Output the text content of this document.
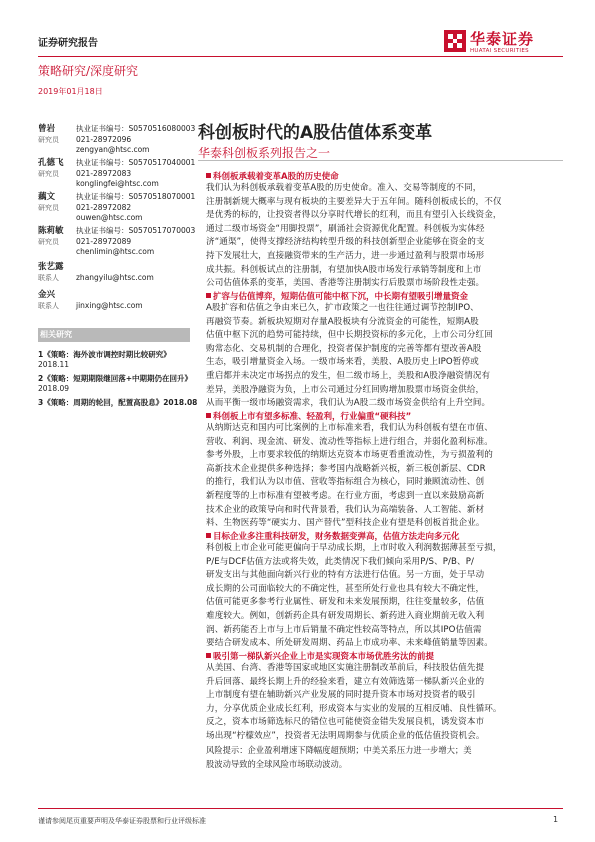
证券研究报告	华泰证券
HUATAI SECURITIES
策略研究/深度研究
2019年01月18日
科创板时代的A股估值体系变革
华泰科创板系列报告之一
曾岩
研究员
执业证书编号：S0570516080003
021-28972096
zengyan@htsc.com
孔德飞
研究员
执业证书编号：S0570517040001
021-28972083
konglingfei@htsc.com
藕文
研究员
执业证书编号：S0570518070001
021-28972082
ouwen@htsc.com
陈莉敏
研究员
执业证书编号：S0570517070003
021-28972089
chenlimin@htsc.com
张艺露
联系人	zhangyilu@htsc.com
金兴
联系人 jinxing@htsc.com
相关研究
1《策略：海外波市调控时期比较研究》
2018.11
2《策略：短期期限继回落+中期期仍在回升》
2018.09
3《策略：周期的轮回，配置高股息》2018.08
科创板承载着变革A股的历史使命
我们认为科创板承载着变革A股的历史使命。准入、交易等制度的不同，
注册制新规大概率与现有板块的主要差异大于五年间。随科创板成长的，不仅
是优秀的标的，让投资者得以分享时代增长的红利，而且有望引入长线资金，
通过二级市场资金“用脚投票”，刷涌社会资源优化配置。科创板为实体经
济“通渠”，使得支撑经济结构转型升级的科技创新型企业能够在资金的支
持下发展壮大，直接融资带来的生产活力，进一步通过盈利与股票市场形
成共振。科创板试点的注册制，有望加快A股市场发行承销等制度和上市
公司估值体系的变革，美国、香港等注册制实行后股票市场阶段性走强。
扩容与估值博弈，短期估值可能中枢下沉，中长期有望吸引增量资金
A股扩容和估值之争由来已久，扩市政策之一也往往通过调节控制IPO、
再融资节奏。新板块短期对存量A股板块有分流资金的可能性，短期A股
估值中枢下沉的趋势可能持续，但中长期投资标的多元化，上市公司分红回
购常态化、交易机制的合理化，投资者保护制度的完善等都有望改善A股
生态，吸引增量资金入场。一级市场来看，美股、A股历史上IPO暂停或
重启都并未决定市场拐点的发生，但二级市场上，美股和A股净融资情况有
差异，美股净融资为负，上市公司通过分红回购增加股票市场资金供给，
从而平衡一级市场融资需求，我们认为A股二级市场资金供给有上升空间。
科创板上市有望多标准、轻盈利，行业偏重“硬科技”
从纳斯达克和国内可比案例的上市标准来看，我们认为科创板有望在市值、
营收、利润、现金流、研发、流动性等指标上进行组合，并弱化盈利标准。
参考外股，上市要求较低的纳斯达克资本市场更看重流动性，为亏损盈利的
高新技术企业提供多种选择；参考国内战略新兴板，新三板创新层、CDR
的推行，我们认为以市值、营收等指标组合为核心，同时兼顾流动性、创
新程度等的上市标准有望被考虑。在行业方面，考虑到一直以来鼓励高新
技术企业的政策导向和时代背景看，我们认为高端装备、人工智能、新材
料、生物医药等“硬实力、国产替代”型科技企业有望是科创板首批企业。
目标企业多注重科技研发，财务数据变弹高，估值方法走向多元化
科创板上市企业可能更偏向于早动成长期，上市时收入利润数据薄甚至亏损，
P/E与DCF估值方法或将失效，此类情况下我们倾向采用P/S、P/B、P/
研发支出与其他面向新兴行业的特有方法进行估值。另一方面，处于早动
成长期的公司面临较大的不确定性，甚至所处行业也具有较大不确定性，
估值可能更多参考行业属性、研发和未来发展预期，往往变量较多，估值
难度较大。例如，创新药企具有研发周期长、新药进入商业期前无收入利
润、新药能否上市与上市后销量不确定性较高等特点，所以其IPO估值需
要结合研发成本、所处研发周期、药品上市成功率、未来峰值销量等因素。
吸引第一梯队新兴企业上市是实现资本市场优胜劣汰的前提
从美国、台湾、香港等国家或地区实施注册制改革前后，科技股估值先提
升后回落、最终长期上升的经验来看，建立有效筛选第一梯队新兴企业的
上市制度有望在辅助新兴产业发展的同时提升资本市场对投资者的吸引
力，分享优质企业成长红利，形成资本与实业的发展的互相反哺、良性循环。
反之，资本市场筛选标尺的错位也可能使资金错失发展良机，诱发资本市
场出现“柠檬效应”，投资者无法明周期参与优质企业的低估值投资机会。
风险提示：企业盈利增速下降幅度超预期；中美关系压力进一步增大；美
股波动导致的全球风险市场联动波动。
谨请参阅尾页重要声明及华泰证券股票和行业评级标准	1
